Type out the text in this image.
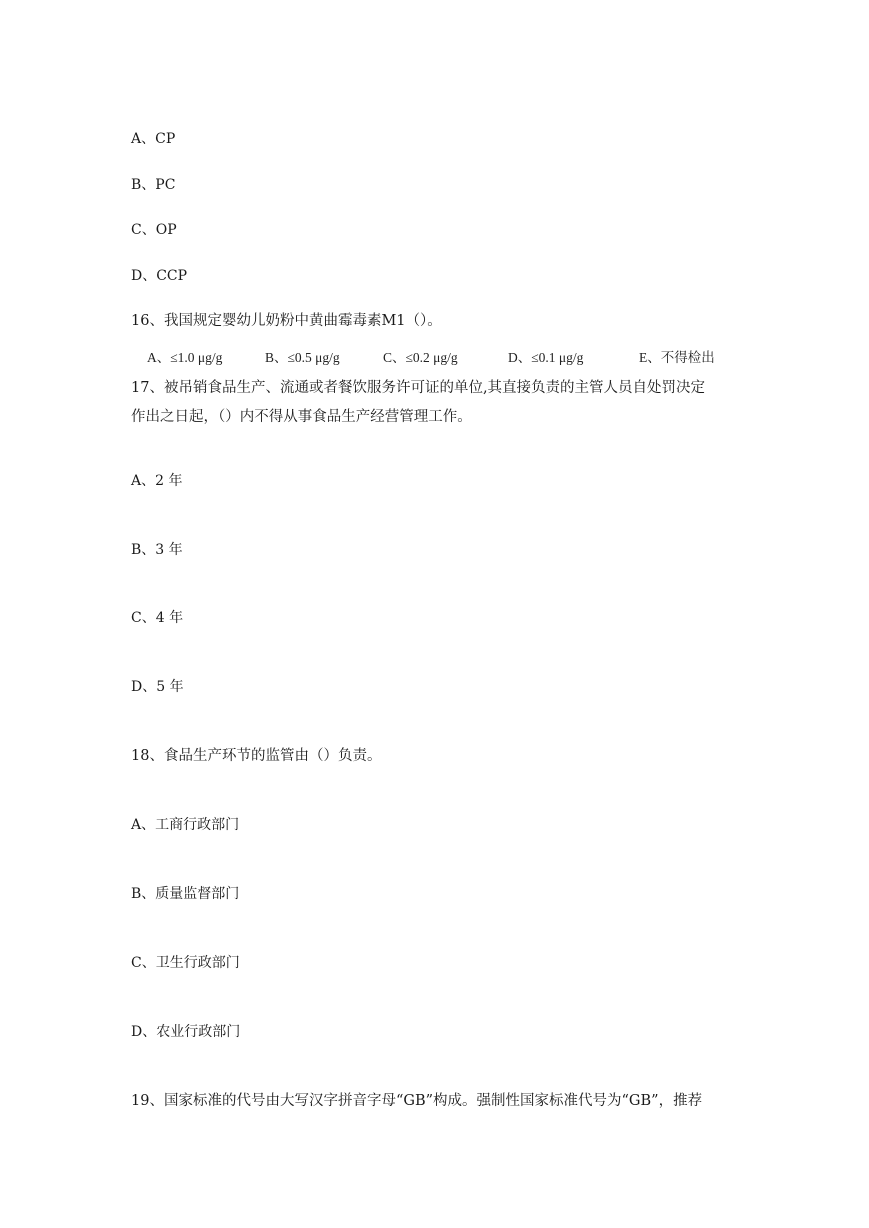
A、CP
B、PC
C、OP
D、CCP
16、我国规定婴幼儿奶粉中黄曲霉毒素M1（）。
A、≤1.0 μg/g	B、≤0.5 μg/g	C、≤0.2 μg/g	D、≤0.1 μg/g	E、不得检出
17、被吊销食品生产、流通或者餐饮服务许可证的单位,其直接负责的主管人员自处罚决定
作出之日起，（）内不得从事食品生产经营管理工作。
A、2 年
B、3 年
C、4 年
D、5 年
18、食品生产环节的监管由（）负责。
A、工商行政部门
B、质量监督部门
C、卫生行政部门
D、农业行政部门
19、国家标准的代号由大写汉字拼音字母“GB”构成。强制性国家标准代号为“GB”，推荐
